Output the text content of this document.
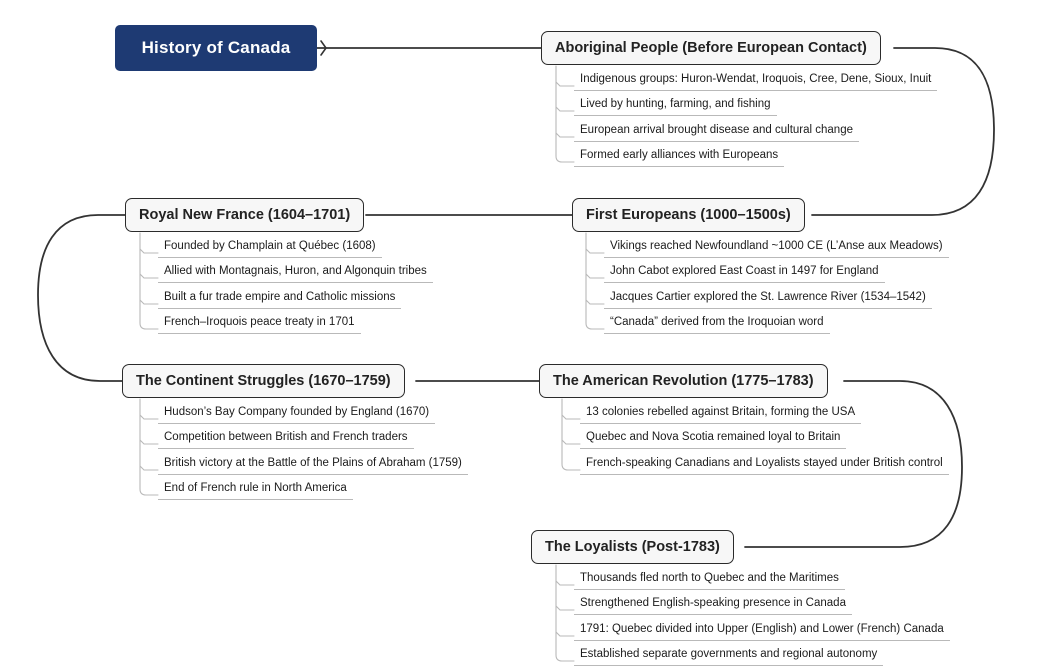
History of Canada	Aboriginal People (Before European Contact)
Indigenous groups: Huron-Wendat, Iroquois, Cree, Dene, Sioux, Inuit
Lived by hunting, farming, and fishing
European arrival brought disease and cultural change
Formed early alliances with Europeans
First Europeans (1000–1500s)
Vikings reached Newfoundland ~1000 CE (L’Anse aux Meadows)
John Cabot explored East Coast in 1497 for England
Jacques Cartier explored the St. Lawrence River (1534–1542)
“Canada” derived from the Iroquoian word
Royal New France (1604–1701)
Founded by Champlain at Québec (1608)
Allied with Montagnais, Huron, and Algonquin tribes
Built a fur trade empire and Catholic missions
French–Iroquois peace treaty in 1701
The Continent Struggles (1670–1759)
Hudson’s Bay Company founded by England (1670)
Competition between British and French traders
British victory at the Battle of the Plains of Abraham (1759)
End of French rule in North America
The American Revolution (1775–1783)
13 colonies rebelled against Britain, forming the USA
Quebec and Nova Scotia remained loyal to Britain
French-speaking Canadians and Loyalists stayed under British control
The Loyalists (Post-1783)
Thousands fled north to Quebec and the Maritimes
Strengthened English-speaking presence in Canada
1791: Quebec divided into Upper (English) and Lower (French) Canada
Established separate governments and regional autonomy
